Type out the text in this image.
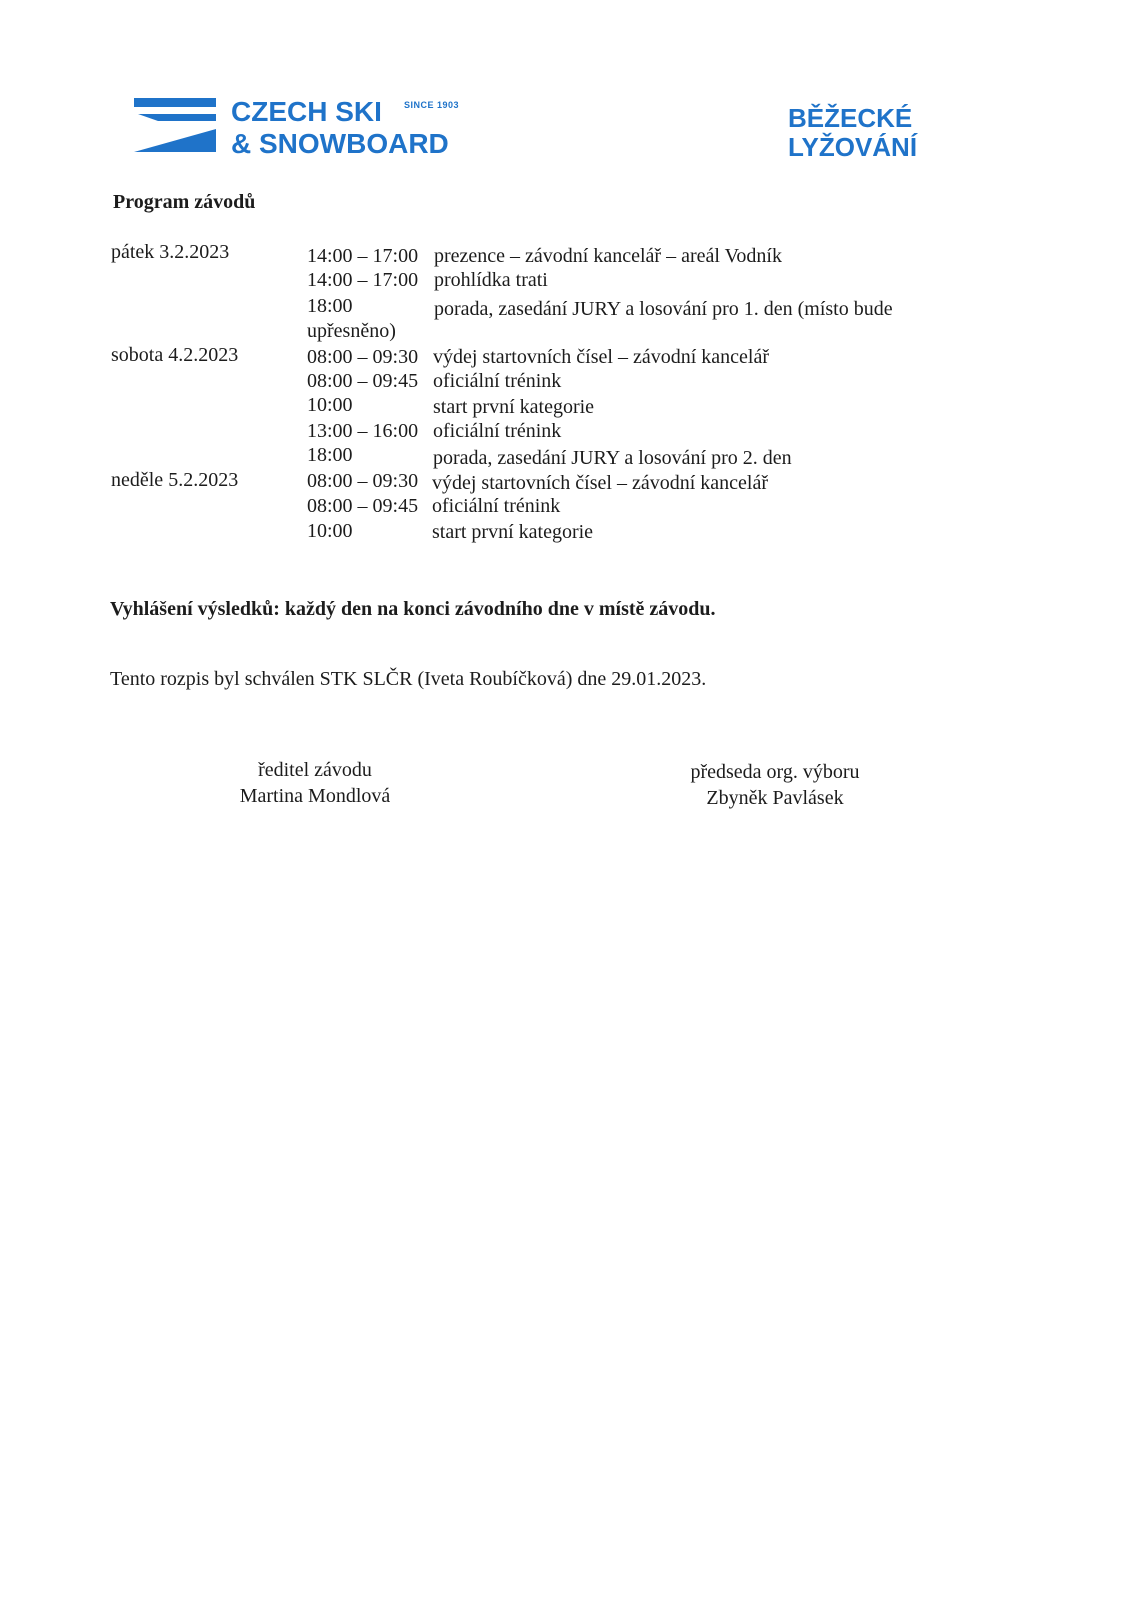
CZECH SKI
& SNOWBOARD
SINCE 1903	BĚŽECKÉ
LYŽOVÁNÍ
Program závodů
pátek 3.2.2023	14:00 – 17:00 prezence – závodní kancelář – areál Vodník
14:00 – 17:00 prohlídka trati
18:00	porada, zasedání JURY a losování pro 1. den (místo bude
upřesněno)
sobota 4.2.2023	08:00 – 09:30 výdej startovních čísel – závodní kancelář
08:00 – 09:45 oficiální trénink
10:00	start první kategorie
13:00 – 16:00 oficiální trénink
18:00	porada, zasedání JURY a losování pro 2. den
neděle 5.2.2023	08:00 – 09:30 výdej startovních čísel – závodní kancelář
08:00 – 09:45 oficiální trénink
10:00	start první kategorie
Vyhlášení výsledků: každý den na konci závodního dne v místě závodu.
Tento rozpis byl schválen STK SLČR (Iveta Roubíčková) dne 29.01.2023.
ředitel závodu
Martina Mondlová
předseda org. výboru
Zbyněk Pavlásek
